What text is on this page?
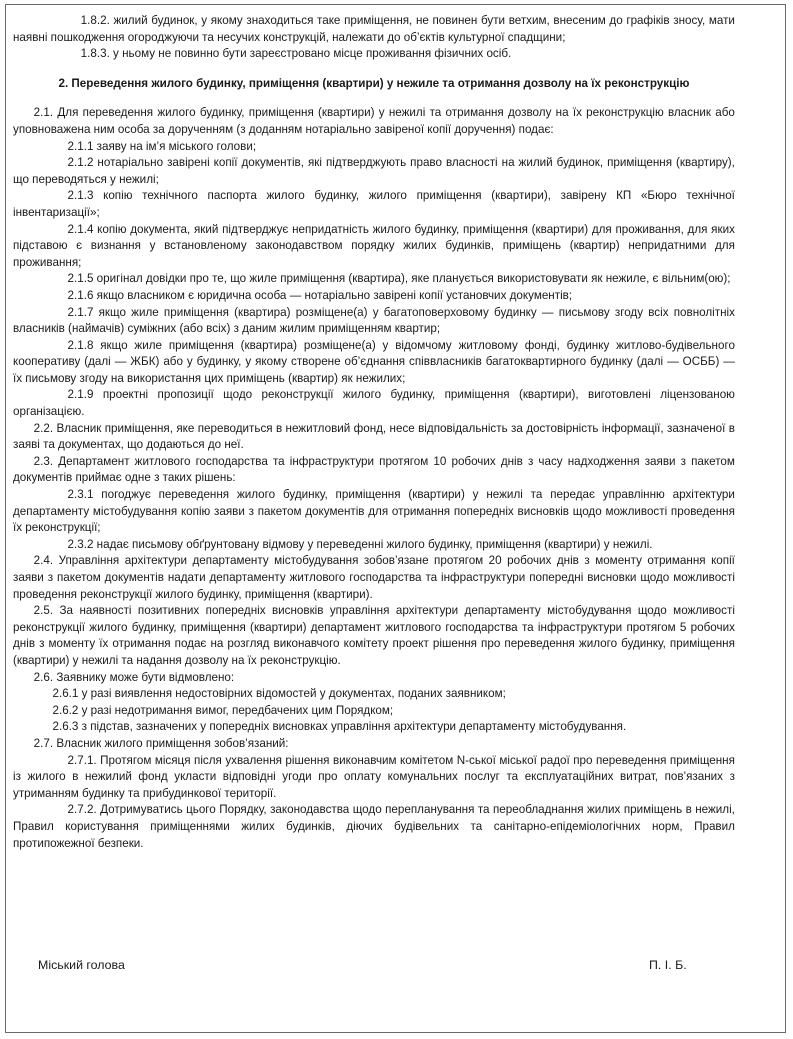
1.8.2. жилий будинок, у якому знаходиться таке приміщення, не повинен бути ветхим, внесеним до графіків зносу, мати наявні пошкодження огороджуючи та несучих конструкцій, належати до об’єктів культурної спадщини;

1.8.3. у ньому не повинно бути зареєстровано місце проживання фізичних осіб.

2. Переведення жилого будинку, приміщення (квартири) у нежиле та отримання дозволу на їх реконструкцію

2.1. Для переведення жилого будинку, приміщення (квартири) у нежилі та отримання дозволу на їх реконструкцію власник або уповноважена ним особа за дорученням (з доданням нотаріально завіреної копії доручення) подає:

2.1.1 заяву на ім’я міського голови;

2.1.2 нотаріально завірені копії документів, які підтверджують право власності на жилий будинок, приміщення (квартиру), що переводяться у нежилі;

2.1.3 копію технічного паспорта жилого будинку, жилого приміщення (квартири), завірену КП «Бюро технічної інвентаризації»;

2.1.4 копію документа, який підтверджує непридатність жилого будинку, приміщення (квартири) для проживання, для яких підставою є визнання у встановленому законодавством порядку жилих будинків, приміщень (квартир) непридатними для проживання;

2.1.5 оригінал довідки про те, що жиле приміщення (квартира), яке планується використовувати як нежиле, є вільним(ою);

2.1.6 якщо власником є юридична особа — нотаріально завірені копії установчих документів;

2.1.7 якщо жиле приміщення (квартира) розміщене(а) у багатоповерховому будинку — письмову згоду всіх повнолітніх власників (наймачів) суміжних (або всіх) з даним жилим приміщенням квартир;

2.1.8 якщо жиле приміщення (квартира) розміщене(а) у відомчому житловому фонді, будинку житлово-будівельного кооперативу (далі — ЖБК) або у будинку, у якому створене об’єднання співвласників багатоквартирного будинку (далі — ОСББ) — їх письмову згоду на використання цих приміщень (квартир) як нежилих;

2.1.9 проектні пропозиції щодо реконструкції жилого будинку, приміщення (квартири), виготовлені ліцензованою організацією.

2.2. Власник приміщення, яке переводиться в нежитловий фонд, несе відповідальність за достовірність інформації, зазначеної в заяві та документах, що додаються до неї.

2.3. Департамент житлового господарства та інфраструктури протягом 10 робочих днів з часу надходження заяви з пакетом документів приймає одне з таких рішень:

2.3.1 погоджує переведення жилого будинку, приміщення (квартири) у нежилі та передає управлінню архітектури департаменту містобудування копію заяви з пакетом документів для отримання попередніх висновків щодо можливості проведення їх реконструкції;

2.3.2 надає письмову обґрунтовану відмову у переведенні жилого будинку, приміщення (квартири) у нежилі.

2.4. Управління архітектури департаменту містобудування зобов’язане протягом 20 робочих днів з моменту отримання копії заяви з пакетом документів надати департаменту житлового господарства та інфраструктури попередні висновки щодо можливості проведення реконструкції жилого будинку, приміщення (квартири).

2.5. За наявності позитивних попередніх висновків управління архітектури департаменту містобудування щодо можливості реконструкції жилого будинку, приміщення (квартири) департамент житлового господарства та інфраструктури протягом 5 робочих днів з моменту їх отримання подає на розгляд виконавчого комітету проект рішення про переведення жилого будинку, приміщення (квартири) у нежилі та надання дозволу на їх реконструкцію.

2.6. Заявнику може бути відмовлено:

2.6.1 у разі виявлення недостовірних відомостей у документах, поданих заявником;

2.6.2 у разі недотримання вимог, передбачених цим Порядком;

2.6.3 з підстав, зазначених у попередніх висновках управління архітектури департаменту містобудування.

2.7. Власник жилого приміщення зобов’язаний:

2.7.1. Протягом місяця після ухвалення рішення виконавчим комітетом N-ської міської радої про переведення приміщення із жилого в нежилий фонд укласти відповідні угоди про оплату комунальних послуг та експлуатаційних витрат, пов’язаних з утриманням будинку та прибудинкової території.

2.7.2. Дотримуватись цього Порядку, законодавства щодо перепланування та переобладнання жилих приміщень в нежилі, Правил користування приміщеннями жилих будинків, діючих будівельних та санітарно-епідеміологічних норм, Правил протипожежної безпеки.

Міський голова	П. І. Б.
